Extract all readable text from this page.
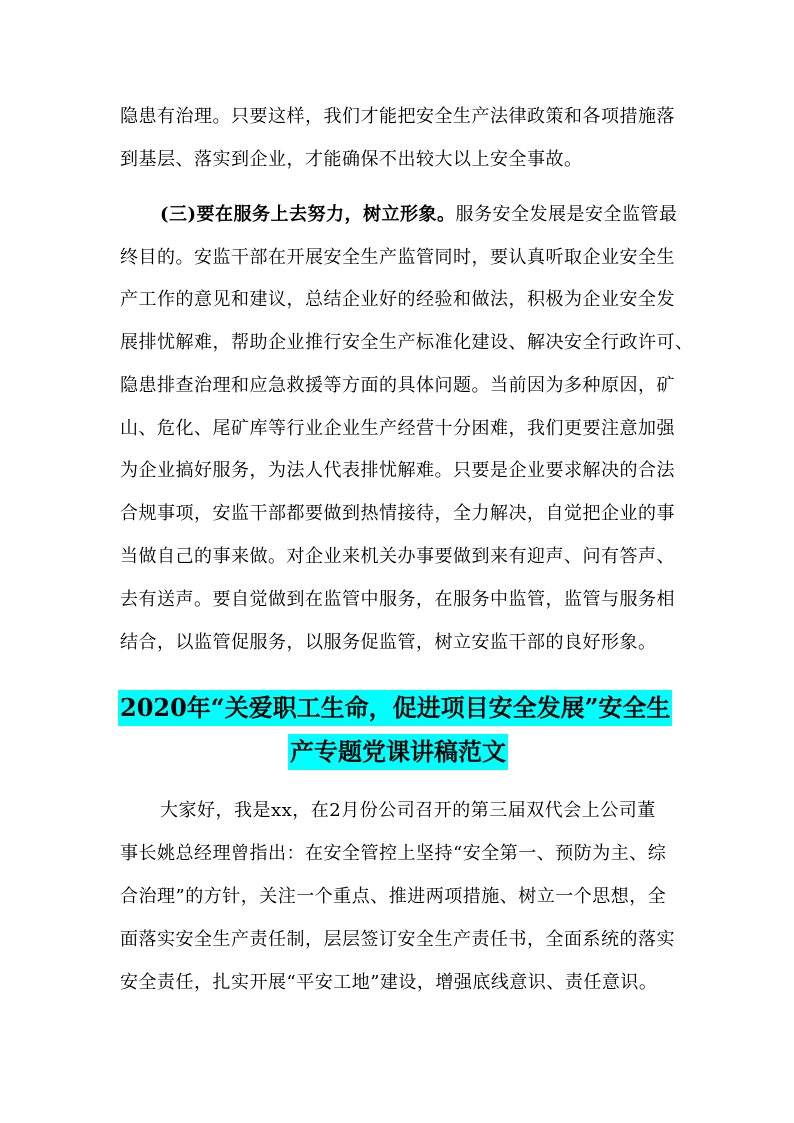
隐患有治理。只要这样，我们才能把安全生产法律政策和各项措施落
到基层、落实到企业，才能确保不出较大以上安全事故。
(三)要在服务上去努力，树立形象。服务安全发展是安全监管最
终目的。安监干部在开展安全生产监管同时，要认真听取企业安全生
产工作的意见和建议，总结企业好的经验和做法，积极为企业安全发
展排忧解难，帮助企业推行安全生产标准化建设、解决安全行政许可、
隐患排查治理和应急救援等方面的具体问题。当前因为多种原因，矿
山、危化、尾矿库等行业企业生产经营十分困难，我们更要注意加强
为企业搞好服务，为法人代表排忧解难。只要是企业要求解决的合法
合规事项，安监干部都要做到热情接待，全力解决，自觉把企业的事
当做自己的事来做。对企业来机关办事要做到来有迎声、问有答声、
去有送声。要自觉做到在监管中服务，在服务中监管，监管与服务相
结合，以监管促服务，以服务促监管，树立安监干部的良好形象。
2020年“关爱职工生命，促进项目安全发展”安全生
产专题党课讲稿范文
大家好，我是xx，在2月份公司召开的第三届双代会上公司董
事长姚总经理曾指出：在安全管控上坚持“安全第一、预防为主、综
合治理”的方针，关注一个重点、推进两项措施、树立一个思想，全
面落实安全生产责任制，层层签订安全生产责任书，全面系统的落实
安全责任，扎实开展“平安工地”建设，增强底线意识、责任意识。
